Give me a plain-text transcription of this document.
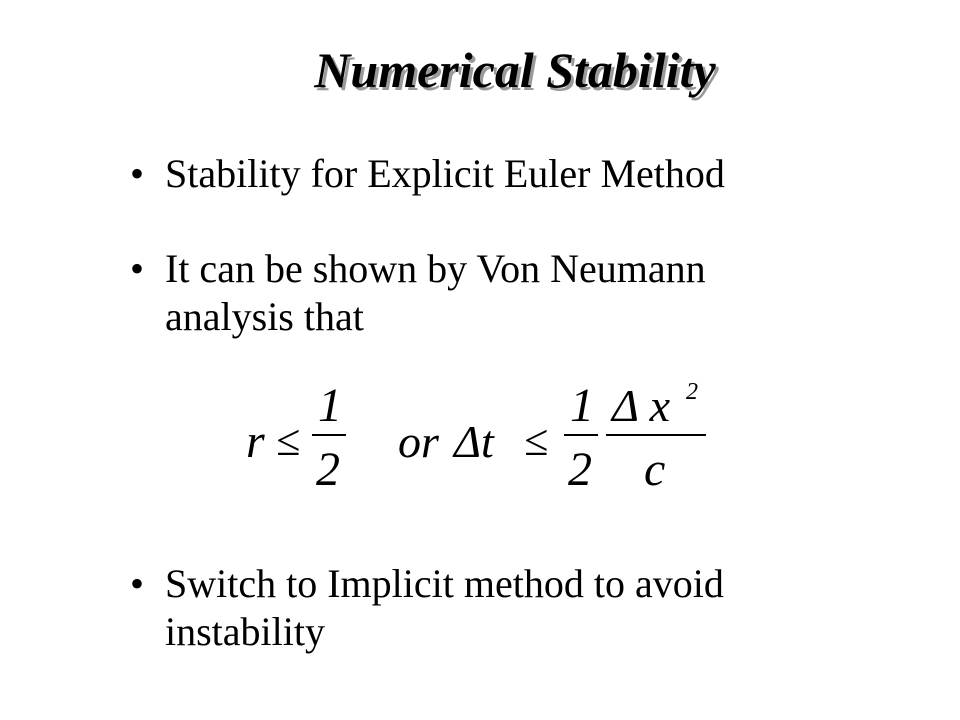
Numerical Stability
• Stability for Explicit Euler Method
• It can be shown by Von Neumann
analysis that
r ≤
1
2
or Δt ≤
1
2
Δ x 2
c
• Switch to Implicit method to avoid
instability
